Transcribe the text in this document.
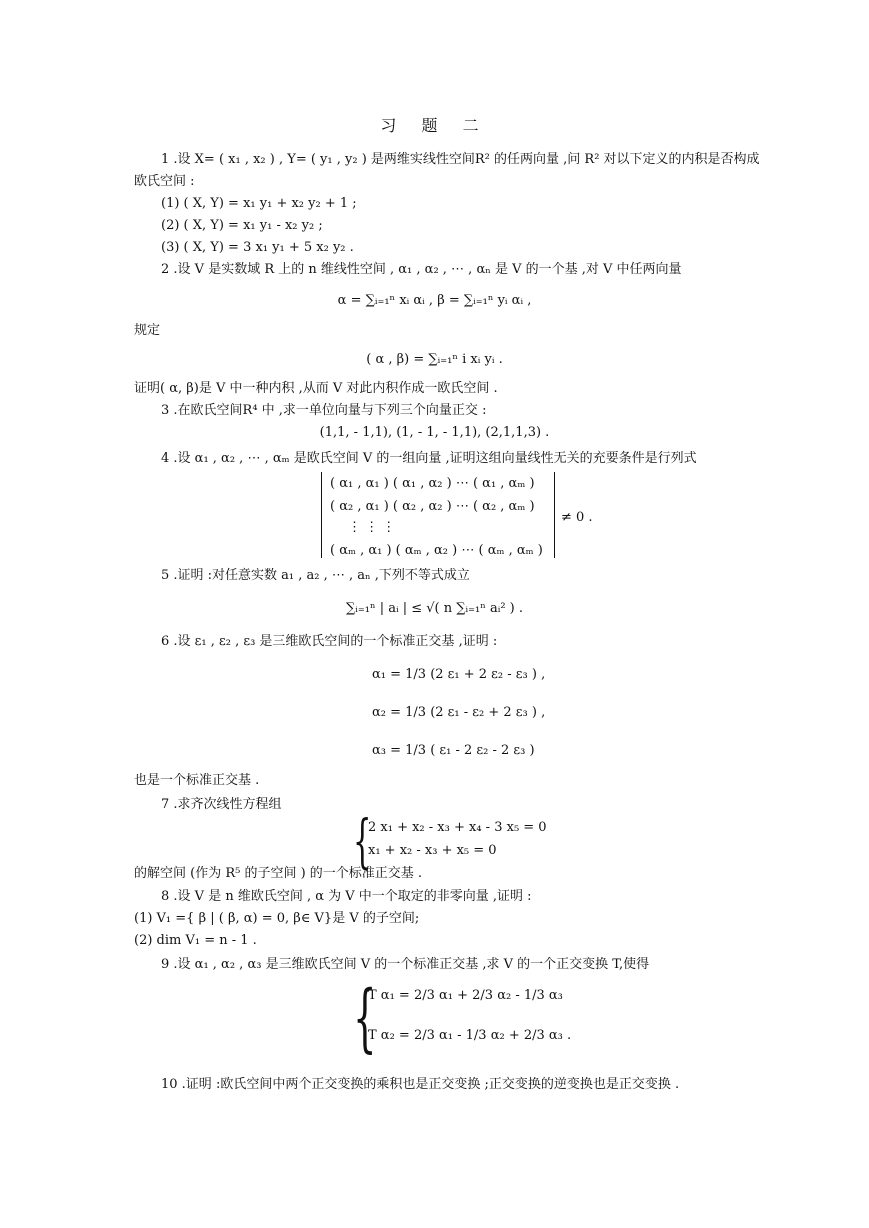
习 题 二
1 .设 X= ( x₁ , x₂ ) , Y= ( y₁ , y₂ ) 是两维实线性空间R² 的任两向量 ,问 R² 对以下定义的内积是否构成
欧氏空间 :
(1) ( X, Y) = x₁ y₁ + x₂ y₂ + 1 ;
(2) ( X, Y) = x₁ y₁ - x₂ y₂ ;
(3) ( X, Y) = 3 x₁ y₁ + 5 x₂ y₂ .
2 .设 V 是实数域 R 上的 n 维线性空间 , α₁ , α₂ , ⋯ , αₙ 是 V 的一个基 ,对 V 中任两向量
α = ∑ᵢ₌₁ⁿ xᵢ αᵢ , β = ∑ᵢ₌₁ⁿ yᵢ αᵢ ,
规定
( α , β) = ∑ᵢ₌₁ⁿ i xᵢ yᵢ .
证明( α, β)是 V 中一种内积 ,从而 V 对此内积作成一欧氏空间 .
3 .在欧氏空间R⁴ 中 ,求一单位向量与下列三个向量正交 :
(1,1, - 1,1), (1, - 1, - 1,1), (2,1,1,3) .
4 .设 α₁ , α₂ , ⋯ , αₘ 是欧氏空间 V 的一组向量 ,证明这组向量线性无关的充要条件是行列式
( α₁ , α₁ ) ( α₁ , α₂ ) ⋯ ( α₁ , αₘ )
( α₂ , α₁ ) ( α₂ , α₂ ) ⋯ ( α₂ , αₘ )
⋮ ⋮ ⋮
( αₘ , α₁ ) ( αₘ , α₂ ) ⋯ ( αₘ , αₘ )
≠ 0 .
5 .证明 :对任意实数 a₁ , a₂ , ⋯ , aₙ ,下列不等式成立
∑ᵢ₌₁ⁿ | aᵢ | ≤ √( n ∑ᵢ₌₁ⁿ aᵢ² ) .
6 .设 ε₁ , ε₂ , ε₃ 是三维欧氏空间的一个标准正交基 ,证明 :
α₁ = 1/3 (2 ε₁ + 2 ε₂ - ε₃ ) ,
α₂ = 1/3 (2 ε₁ - ε₂ + 2 ε₃ ) ,
α₃ = 1/3 ( ε₁ - 2 ε₂ - 2 ε₃ )
也是一个标准正交基 .
7 .求齐次线性方程组
{
2 x₁ + x₂ - x₃ + x₄ - 3 x₅ = 0
x₁ + x₂ - x₃ + x₅ = 0
的解空间 (作为 R⁵ 的子空间 ) 的一个标准正交基 .
8 .设 V 是 n 维欧氏空间 , α 为 V 中一个取定的非零向量 ,证明 :
(1) V₁ ={ β | ( β, α) = 0, β∈ V}是 V 的子空间;
(2) dim V₁ = n - 1 .
9 .设 α₁ , α₂ , α₃ 是三维欧氏空间 V 的一个标准正交基 ,求 V 的一个正交变换 T,使得
{
T α₁ = 2/3 α₁ + 2/3 α₂ - 1/3 α₃
T α₂ = 2/3 α₁ - 1/3 α₂ + 2/3 α₃ .
10 .证明 :欧氏空间中两个正交变换的乘积也是正交变换 ;正交变换的逆变换也是正交变换 .
